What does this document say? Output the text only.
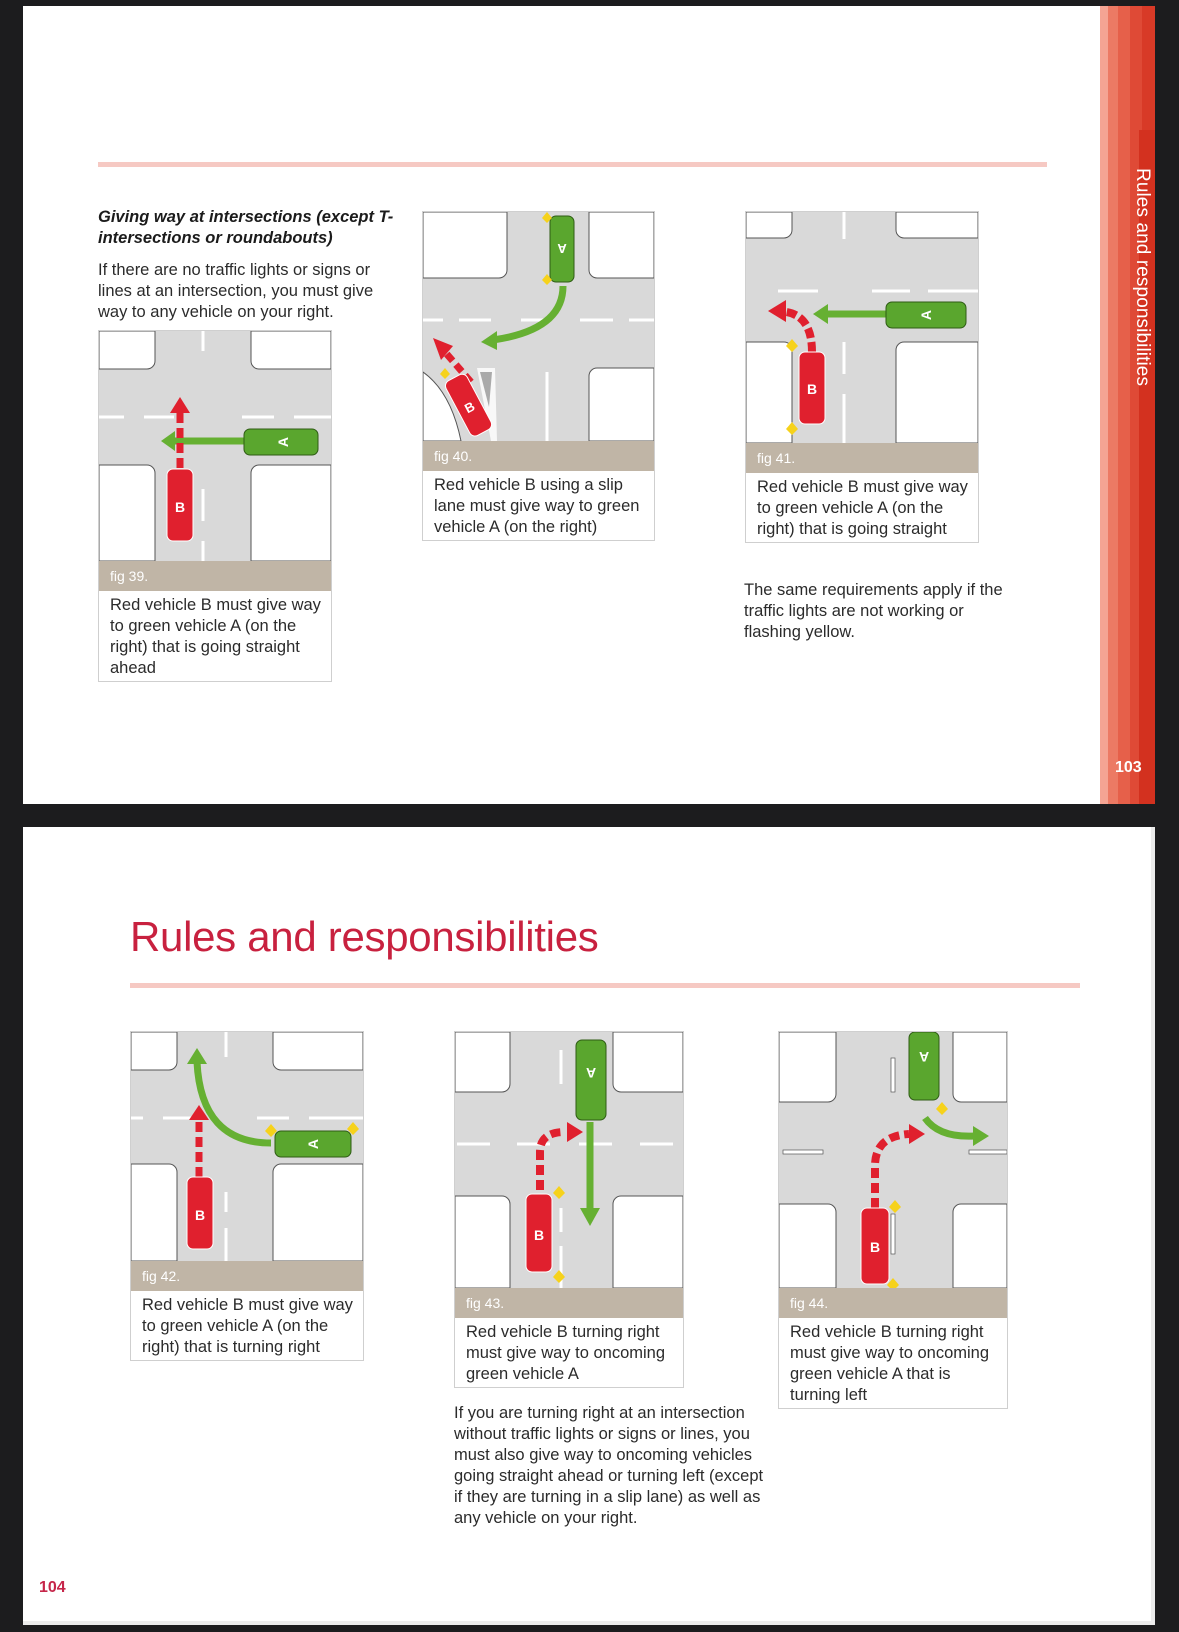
Giving way at intersections (except T-intersections or roundabouts)
If there are no traffic lights or signs or lines at an intersection, you must give way to any vehicle on your right.
A
B
fig 39.
Red vehicle B must give way to green vehicle A (on the right) that is going straight ahead
A
B
fig 40.
Red vehicle B using a slip lane must give way to green vehicle A (on the right)
A
B
fig 41.
Red vehicle B must give way to green vehicle A (on the right) that is going straight
The same requirements apply if the traffic lights are not working or flashing yellow.
Rules and responsibilities
103
Rules and responsibilities
A
B
fig 42.
Red vehicle B must give way to green vehicle A (on the right) that is turning right
A
B
fig 43.
Red vehicle B turning right must give way to oncoming green vehicle A
If you are turning right at an intersection without traffic lights or signs or lines, you must also give way to oncoming vehicles going straight ahead or turning left (except if they are turning in a slip lane) as well as any vehicle on your right.
A
B
fig 44.
Red vehicle B turning right must give way to oncoming green vehicle A that is turning left
104
